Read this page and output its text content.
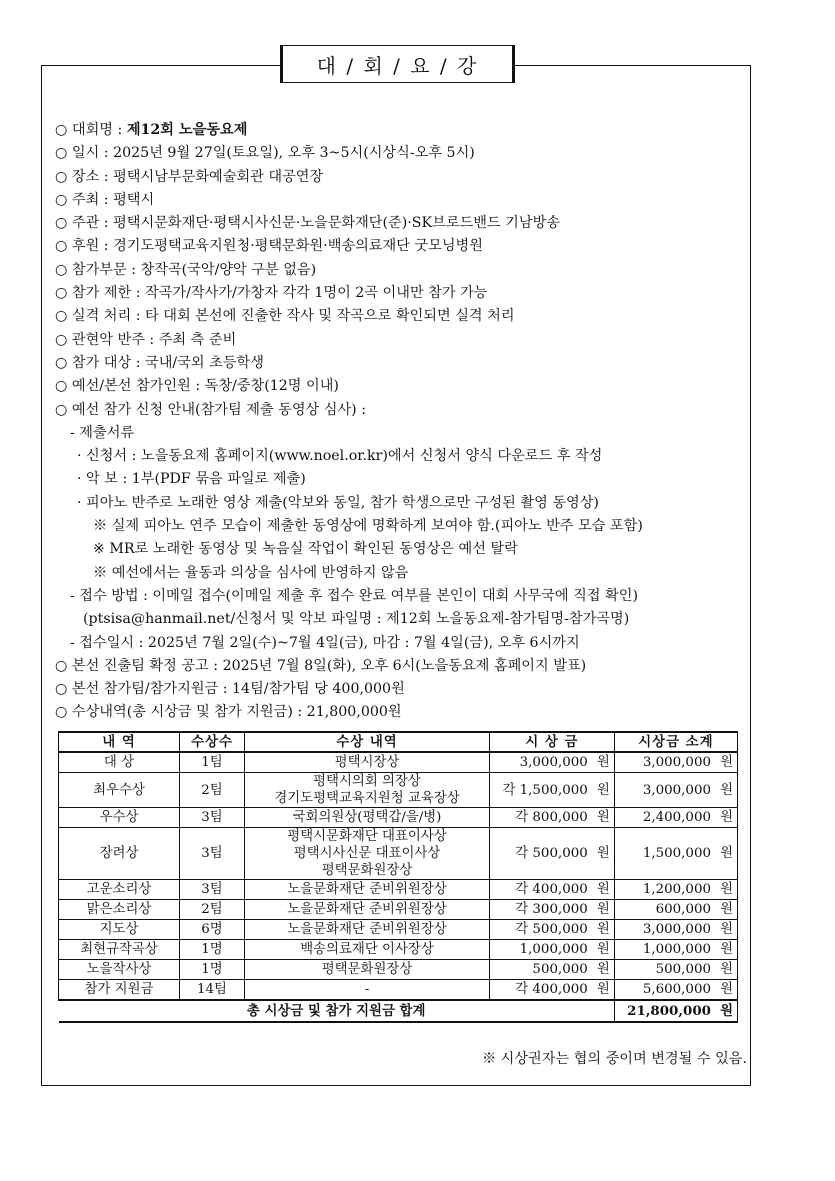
대 / 회 / 요 / 강
○ 대회명 : 제12회 노을동요제
○ 일시 : 2025년 9월 27일(토요일), 오후 3~5시(시상식-오후 5시)
○ 장소 : 평택시남부문화예술회관 대공연장
○ 주최 : 평택시
○ 주관 : 평택시문화재단·평택시사신문·노을문화재단(준)·SK브로드밴드 기남방송
○ 후원 : 경기도평택교육지원청·평택문화원·백송의료재단 굿모닝병원
○ 참가부문 : 창작곡(국악/양악 구분 없음)
○ 참가 제한 : 작곡가/작사가/가창자 각각 1명이 2곡 이내만 참가 가능
○ 실격 처리 : 타 대회 본선에 진출한 작사 및 작곡으로 확인되면 실격 처리
○ 관현악 반주 : 주최 측 준비
○ 참가 대상 : 국내/국외 초등학생
○ 예선/본선 참가인원 : 독창/중창(12명 이내)
○ 예선 참가 신청 안내(참가팀 제출 동영상 심사) :
- 제출서류
· 신청서 : 노을동요제 홈페이지(www.noel.or.kr)에서 신청서 양식 다운로드 후 작성
· 악 보 : 1부(PDF 묶음 파일로 제출)
· 피아노 반주로 노래한 영상 제출(악보와 동일, 참가 학생으로만 구성된 촬영 동영상)
※ 실제 피아노 연주 모습이 제출한 동영상에 명확하게 보여야 함.(피아노 반주 모습 포함)
※ MR로 노래한 동영상 및 녹음실 작업이 확인된 동영상은 예선 탈락
※ 예선에서는 율동과 의상을 심사에 반영하지 않음
- 접수 방법 : 이메일 접수(이메일 제출 후 접수 완료 여부를 본인이 대회 사무국에 직접 확인)
(ptsisa@hanmail.net/신청서 및 악보 파일명 : 제12회 노을동요제-참가팀명-참가곡명)
- 접수일시 : 2025년 7월 2일(수)~7월 4일(금), 마감 : 7월 4일(금), 오후 6시까지
○ 본선 진출팀 확정 공고 : 2025년 7월 8일(화), 오후 6시(노을동요제 홈페이지 발표)
○ 본선 참가팀/참가지원금 : 14팀/참가팀 당 400,000원
○ 수상내역(총 시상금 및 참가 지원금) : 21,800,000원
내 역	수상수	수상 내역	시 상 금		시상금 소계	
대 상	1팀	평택시장상	3,000,000	원	3,000,000	원
최우수상	2팀	평택시의회 의장상
경기도평택교육지원청 교육장상	각 1,500,000	원	3,000,000	원
우수상	3팀	국회의원상(평택갑/을/병)	각 800,000	원	2,400,000	원
장려상	3팀	평택시문화재단 대표이사상
평택시사신문 대표이사상
평택문화원장상	각 500,000	원	1,500,000	원
고운소리상	3팀	노을문화재단 준비위원장상	각 400,000	원	1,200,000	원
맑은소리상	2팀	노을문화재단 준비위원장상	각 300,000	원	600,000	원
지도상	6명	노을문화재단 준비위원장상	각 500,000	원	3,000,000	원
최현규작곡상	1명	백송의료재단 이사장상	1,000,000	원	1,000,000	원
노을작사상	1명	평택문화원장상	500,000	원	500,000	원
참가 지원금	14팀	-	각 400,000	원	5,600,000	원
총 시상금 및 참가 지원금 합계					21,800,000	원
※ 시상권자는 협의 중이며 변경될 수 있음.
